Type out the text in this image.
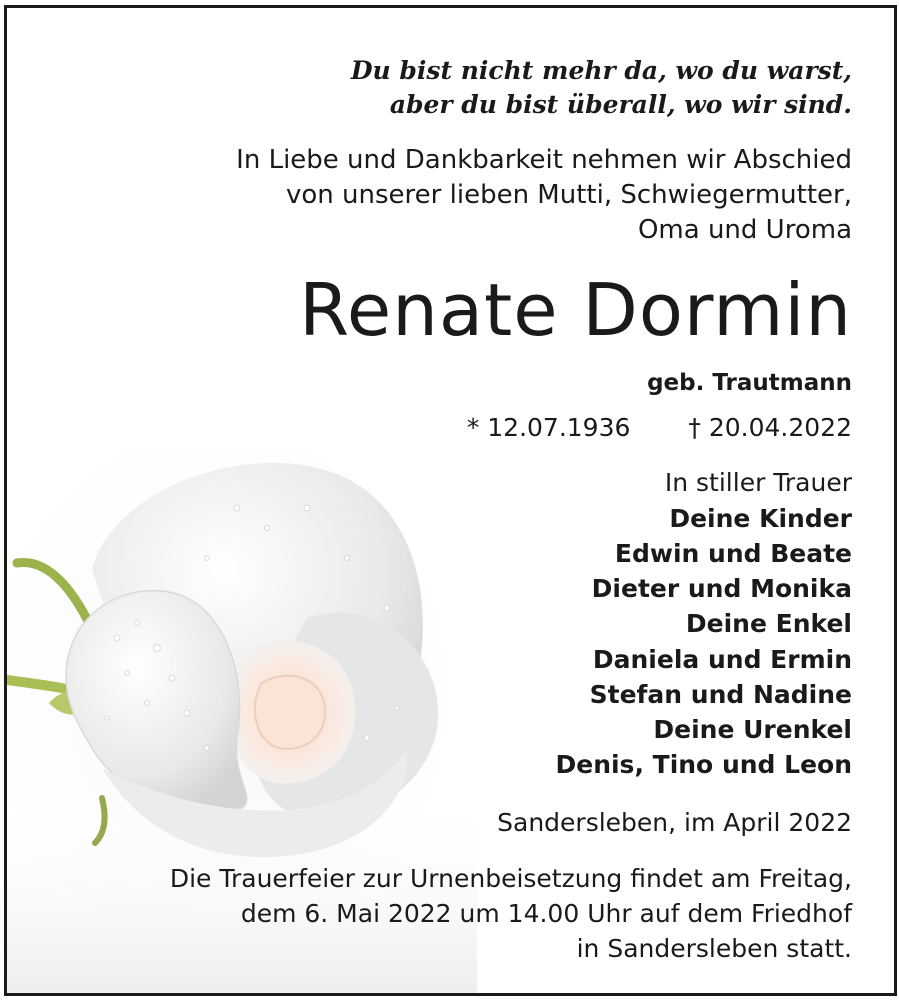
Du bist nicht mehr da, wo du warst,
aber du bist überall, wo wir sind.
In Liebe und Dankbarkeit nehmen wir Abschied
von unserer lieben Mutti, Schwiegermutter,
Oma und Uroma
Renate Dormin
geb. Trautmann
* 12.07.1936 † 20.04.2022
In stiller Trauer
Deine Kinder
Edwin und Beate
Dieter und Monika
Deine Enkel
Daniela und Ermin
Stefan und Nadine
Deine Urenkel
Denis, Tino und Leon
Sandersleben, im April 2022
Die Trauerfeier zur Urnenbeisetzung findet am Freitag,
dem 6. Mai 2022 um 14.00 Uhr auf dem Friedhof
in Sandersleben statt.
